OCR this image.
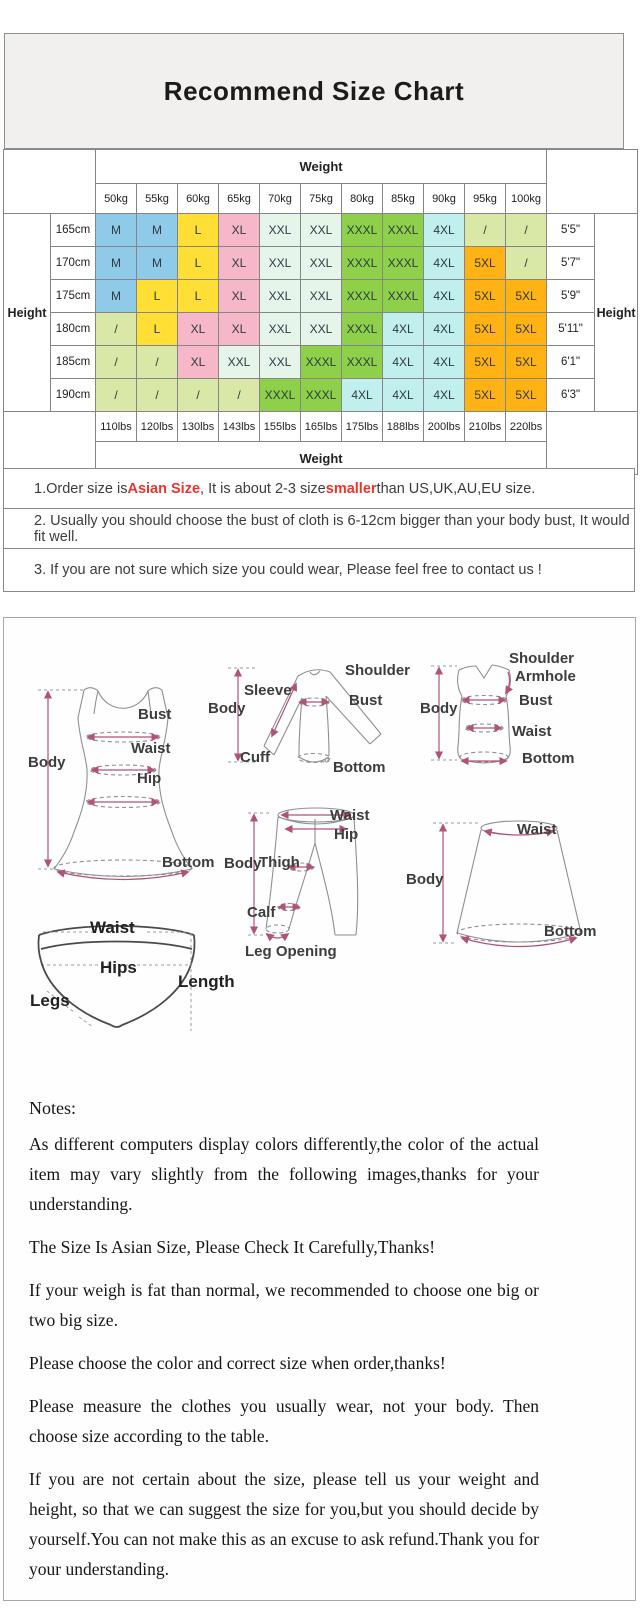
Recommend Size Chart
		Weight												
		50kg	55kg	60kg	65kg	70kg	75kg	80kg	85kg	90kg	95kg	100kg		
Height	165cm	M	M	L	XL	XXL	XXL	XXXL	XXXL	4XL	/	/	5'5"	Height
	170cm	M	M	L	XL	XXL	XXL	XXXL	XXXL	4XL	5XL	/	5'7"	
	175cm	M	L	L	XL	XXL	XXL	XXXL	XXXL	4XL	5XL	5XL	5'9"	
	180cm	/	L	XL	XL	XXL	XXL	XXXL	4XL	4XL	5XL	5XL	5'11"	
	185cm	/	/	XL	XXL	XXL	XXXL	XXXL	4XL	4XL	5XL	5XL	6'1"	
	190cm	/	/	/	/	XXXL	XXXL	4XL	4XL	4XL	5XL	5XL	6'3"	
		110lbs	120lbs	130lbs	143lbs	155lbs	165lbs	175lbs	188lbs	200lbs	210lbs	220lbs		
		Weight												
1.Order size is Asian Size , It is about 2-3 size smaller than US,UK,AU,EU size.
2. Usually you should choose the bust of cloth is 6-12cm bigger than your body bust, It would fit well.
3. If you are not sure which size you could wear, Please feel free to contact us !
Body
Bust
Waist
Hip
Bottom
Sleeve
Body
Cuff
Shoulder
Bust
Bottom
Shoulder
Armhole
Body	Bust
Waist
Bottom
Waist
Hip
Body
Thigh
Calf
Leg Opening
Waist
Body
Bottom
Waist
Hips
Legs
Length
Notes:

As different computers display colors differently,the color of the actual item may vary slightly from the following images,thanks for your understanding.

The Size Is Asian Size, Please Check It Carefully,Thanks!

If your weigh is fat than normal, we recommended to choose one big or two big size.

Please choose the color and correct size when order,thanks!

Please measure the clothes you usually wear, not your body. Then choose size according to the table.

If you are not certain about the size, please tell us your weight and height, so that we can suggest the size for you,but you should decide by yourself.You can not make this as an excuse to ask refund.Thank you for your understanding.
